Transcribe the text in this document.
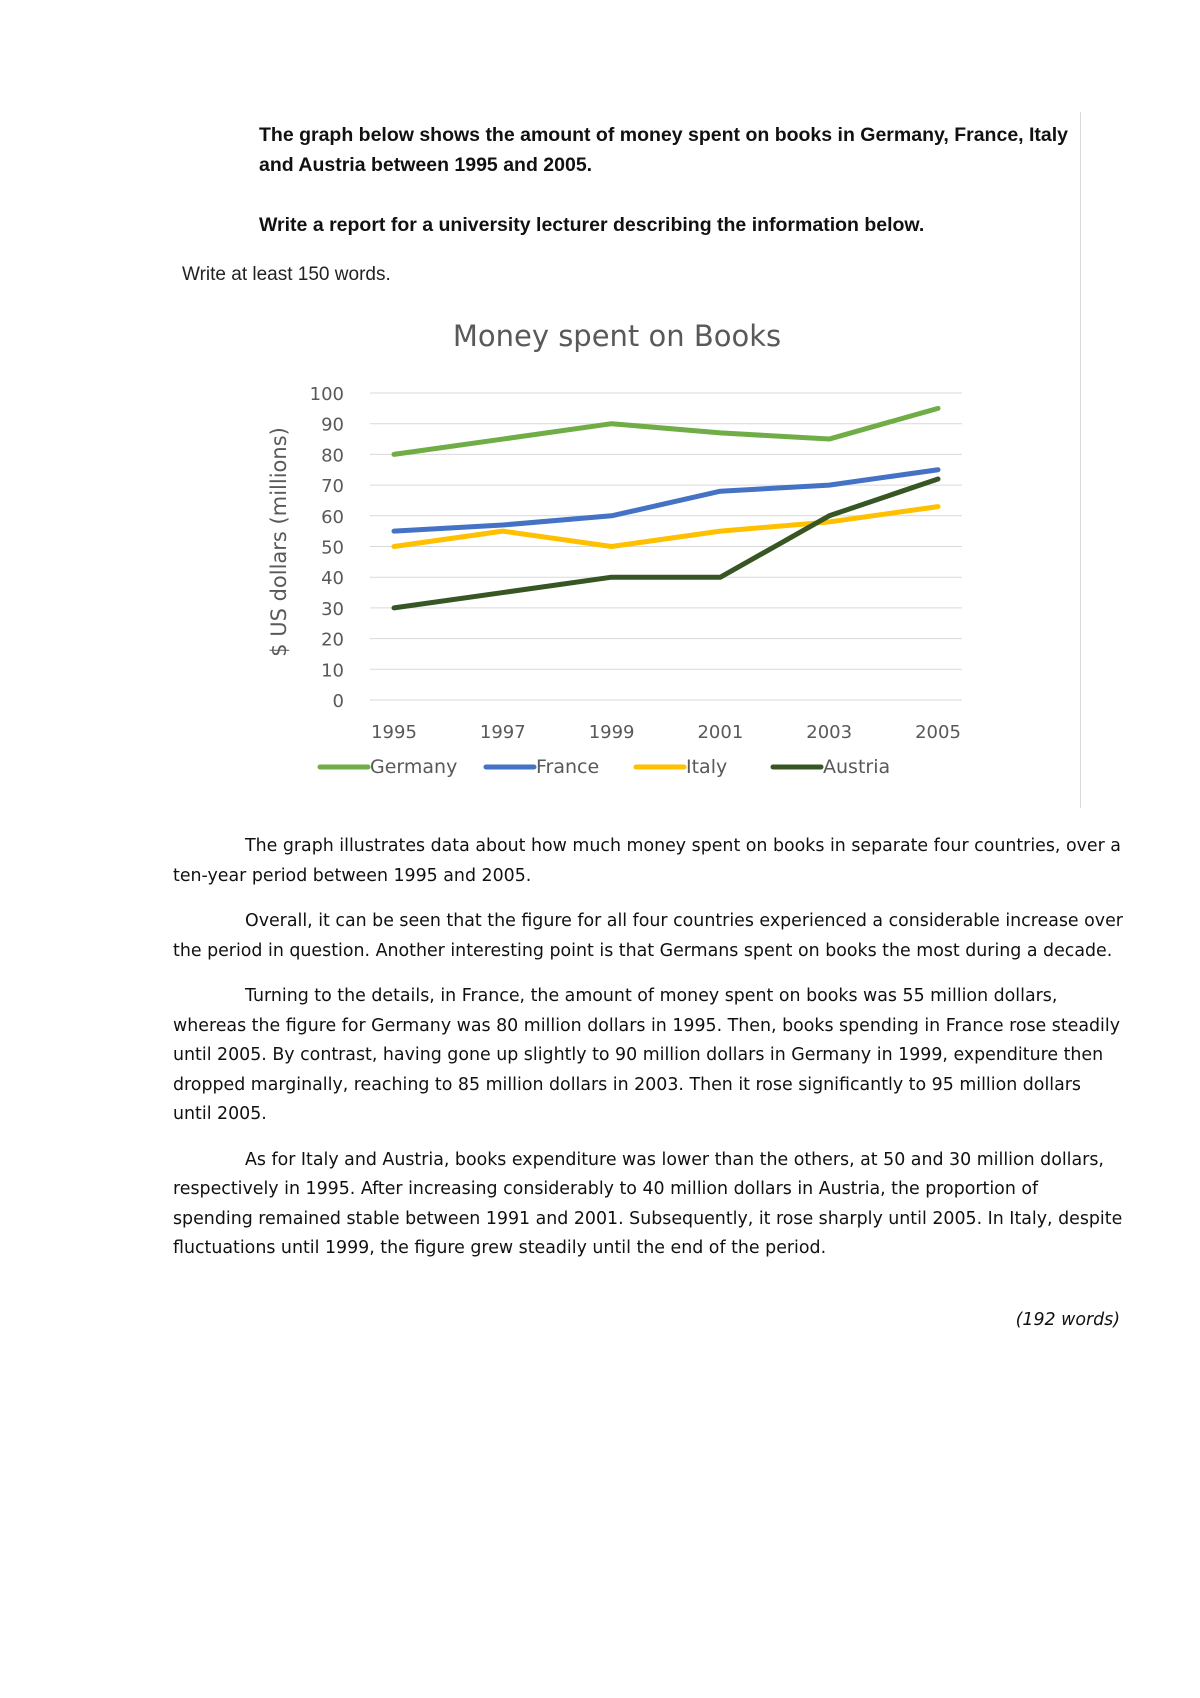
The graph below shows the amount of money spent on books in Germany, France, Italy and Austria between 1995 and 2005.

Write a report for a university lecturer describing the information below.

Write at least 150 words.

Money spent on Books
$ US dollars (millions)
0
10
20
30
40
50
60
70
80
90
100
1995	1997	1999	2001	2003	2005
Germany	France	Italy	Austria

The graph illustrates data about how much money spent on books in separate four countries, over a ten-year period between 1995 and 2005.

Overall, it can be seen that the figure for all four countries experienced a considerable increase over the period in question. Another interesting point is that Germans spent on books the most during a decade.

Turning to the details, in France, the amount of money spent on books was 55 million dollars, whereas the figure for Germany was 80 million dollars in 1995. Then, books spending in France rose steadily until 2005. By contrast, having gone up slightly to 90 million dollars in Germany in 1999, expenditure then dropped marginally, reaching to 85 million dollars in 2003. Then it rose significantly to 95 million dollars until 2005.

As for Italy and Austria, books expenditure was lower than the others, at 50 and 30 million dollars, respectively in 1995. After increasing considerably to 40 million dollars in Austria, the proportion of spending remained stable between 1991 and 2001. Subsequently, it rose sharply until 2005. In Italy, despite fluctuations until 1999, the figure grew steadily until the end of the period.

(192 words)
